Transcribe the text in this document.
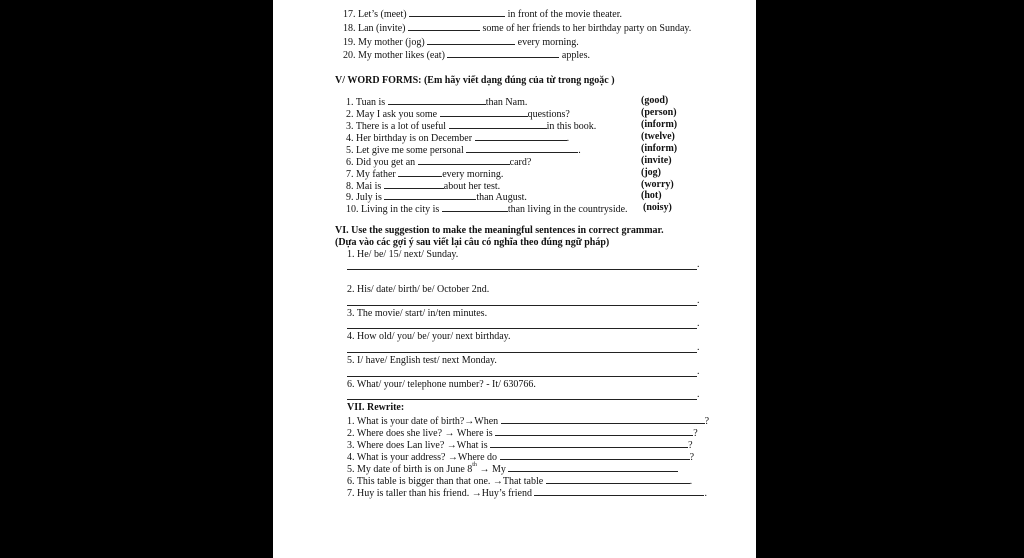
17. Let’s (meet)	in front of the movie theater.
18. Lan (invite)	some of her friends to her birthday party on Sunday.
19. My mother (jog)	every morning.
20. My mother likes (eat)	apples.
V/ WORD FORMS: (Em hãy viết dạng đúng của từ trong ngoặc )
1. Tuan is	than Nam.	(good)
2. May I ask you some	questions?	(person)
3. There is a lot of useful	in this book.	(inform)
4. Her birthday is on December	.	(twelve)
5. Let give me some personal	.	(inform)
6. Did you get an	card?	(invite)
7. My father	every morning.	(jog)
8. Mai is	about her test.	(worry)
9. July is	than August.	(hot)
10. Living in the city is	than living in the countryside. (noisy)
VI. Use the suggestion to make the meaningful sentences in correct grammar.
(Dựa vào các gợi ý sau viết lại câu có nghĩa theo đúng ngữ pháp)
1. He/ be/ 15/ next/ Sunday.
.
2. His/ date/ birth/ be/ October 2nd.
.
3. The movie/ start/ in/ten minutes.
.
4. How old/ you/ be/ your/ next birthday.
.
5. I/ have/ English test/ next Monday.
.
6. What/ your/ telephone number? - It/ 630766.
.
VII. Rewrite:
1. What is your date of birth?→When	?
2. Where does she live? → Where is	?
3. Where does Lan live? →What is	?
4. What is your address? →Where do	?
5. My date of birth is on June 8th → My
6. This table is bigger than that one. →That table	.
7. Huy is taller than his friend. →Huy’s friend	.
